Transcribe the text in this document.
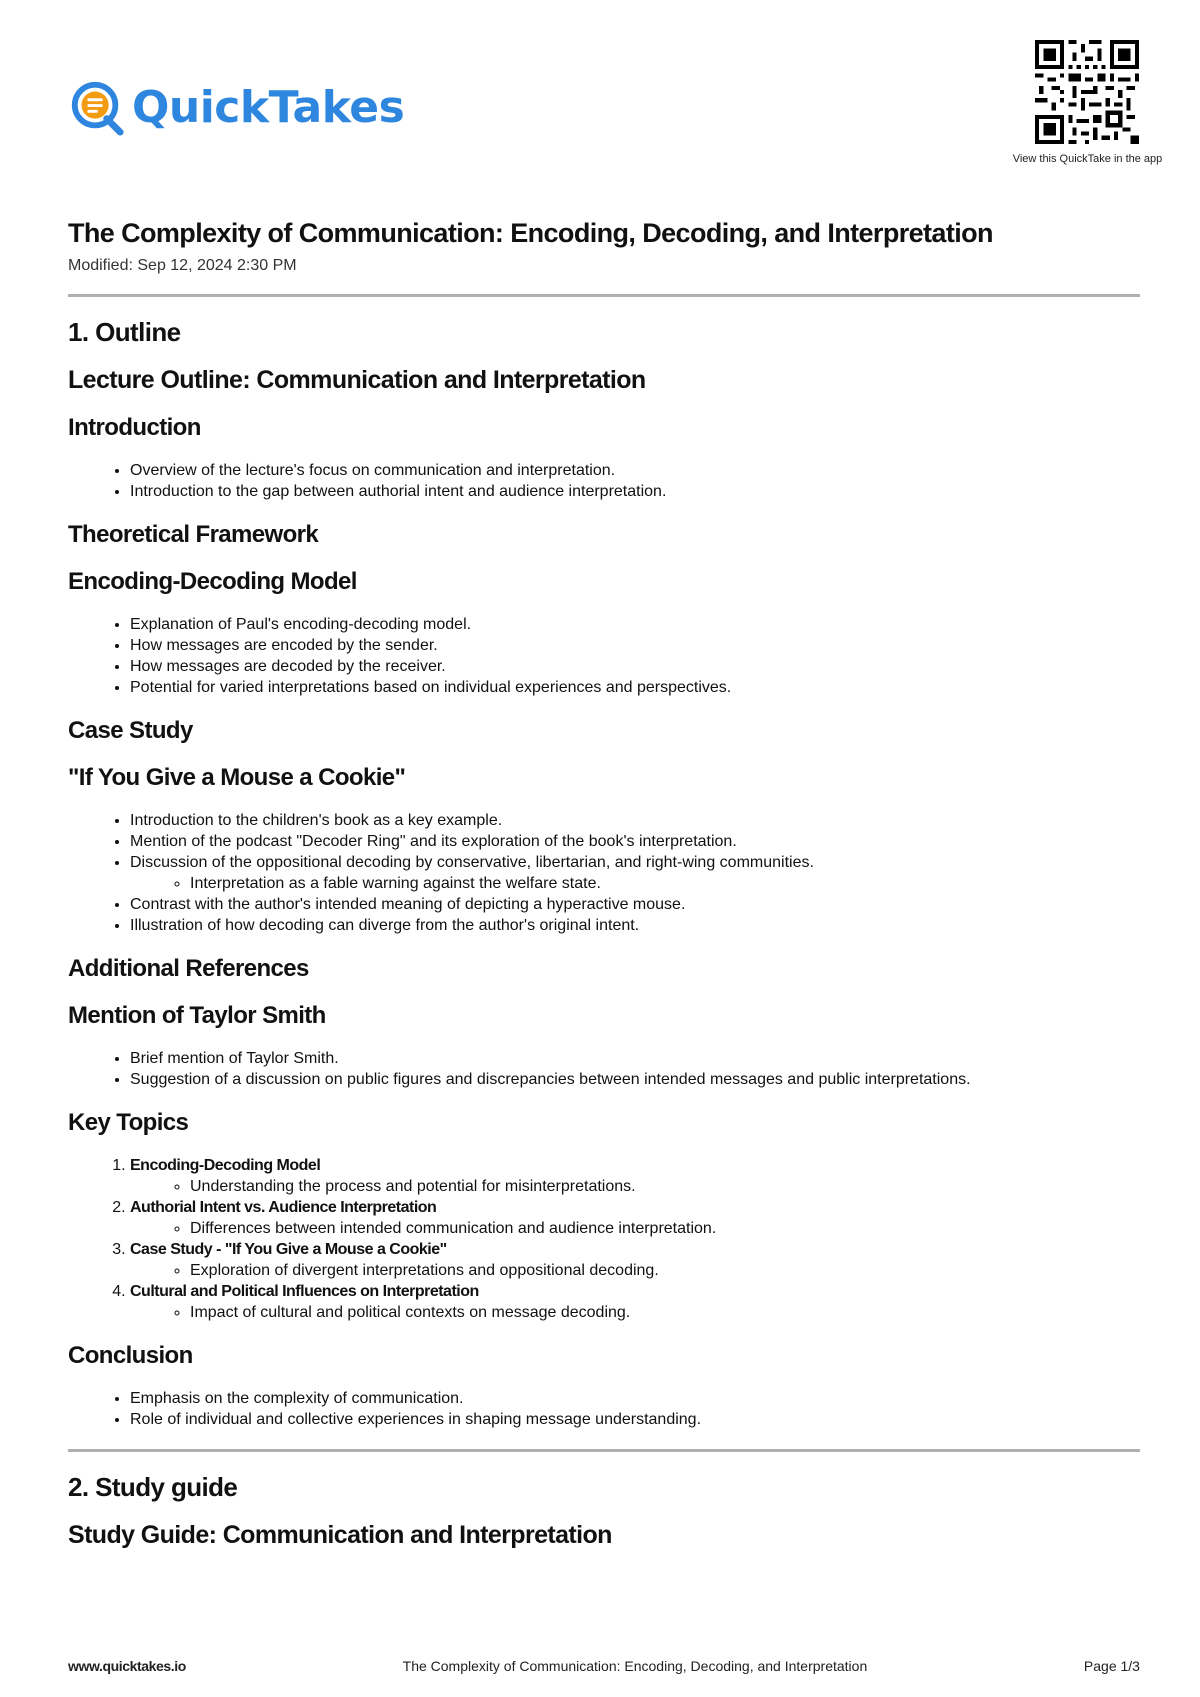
QuickTakes
View this QuickTake in the app
The Complexity of Communication: Encoding, Decoding, and Interpretation
Modified: Sep 12, 2024 2:30 PM
1. Outline
Lecture Outline: Communication and Interpretation
Introduction
• Overview of the lecture's focus on communication and interpretation.
• Introduction to the gap between authorial intent and audience interpretation.
Theoretical Framework
Encoding-Decoding Model
• Explanation of Paul's encoding-decoding model.
• How messages are encoded by the sender.
• How messages are decoded by the receiver.
• Potential for varied interpretations based on individual experiences and perspectives.
Case Study
"If You Give a Mouse a Cookie"
• Introduction to the children's book as a key example.
• Mention of the podcast "Decoder Ring" and its exploration of the book's interpretation.
• Discussion of the oppositional decoding by conservative, libertarian, and right-wing communities.
◦ Interpretation as a fable warning against the welfare state.
• Contrast with the author's intended meaning of depicting a hyperactive mouse.
• Illustration of how decoding can diverge from the author's original intent.
Additional References
Mention of Taylor Smith
• Brief mention of Taylor Smith.
• Suggestion of a discussion on public figures and discrepancies between intended messages and public interpretations.
Key Topics
1. Encoding-Decoding Model
◦ Understanding the process and potential for misinterpretations.
2. Authorial Intent vs. Audience Interpretation
◦ Differences between intended communication and audience interpretation.
3. Case Study - "If You Give a Mouse a Cookie"
◦ Exploration of divergent interpretations and oppositional decoding.
4. Cultural and Political Influences on Interpretation
◦ Impact of cultural and political contexts on message decoding.
Conclusion
• Emphasis on the complexity of communication.
• Role of individual and collective experiences in shaping message understanding.
2. Study guide
Study Guide: Communication and Interpretation
www.quicktakes.io	The Complexity of Communication: Encoding, Decoding, and Interpretation	Page 1/3
